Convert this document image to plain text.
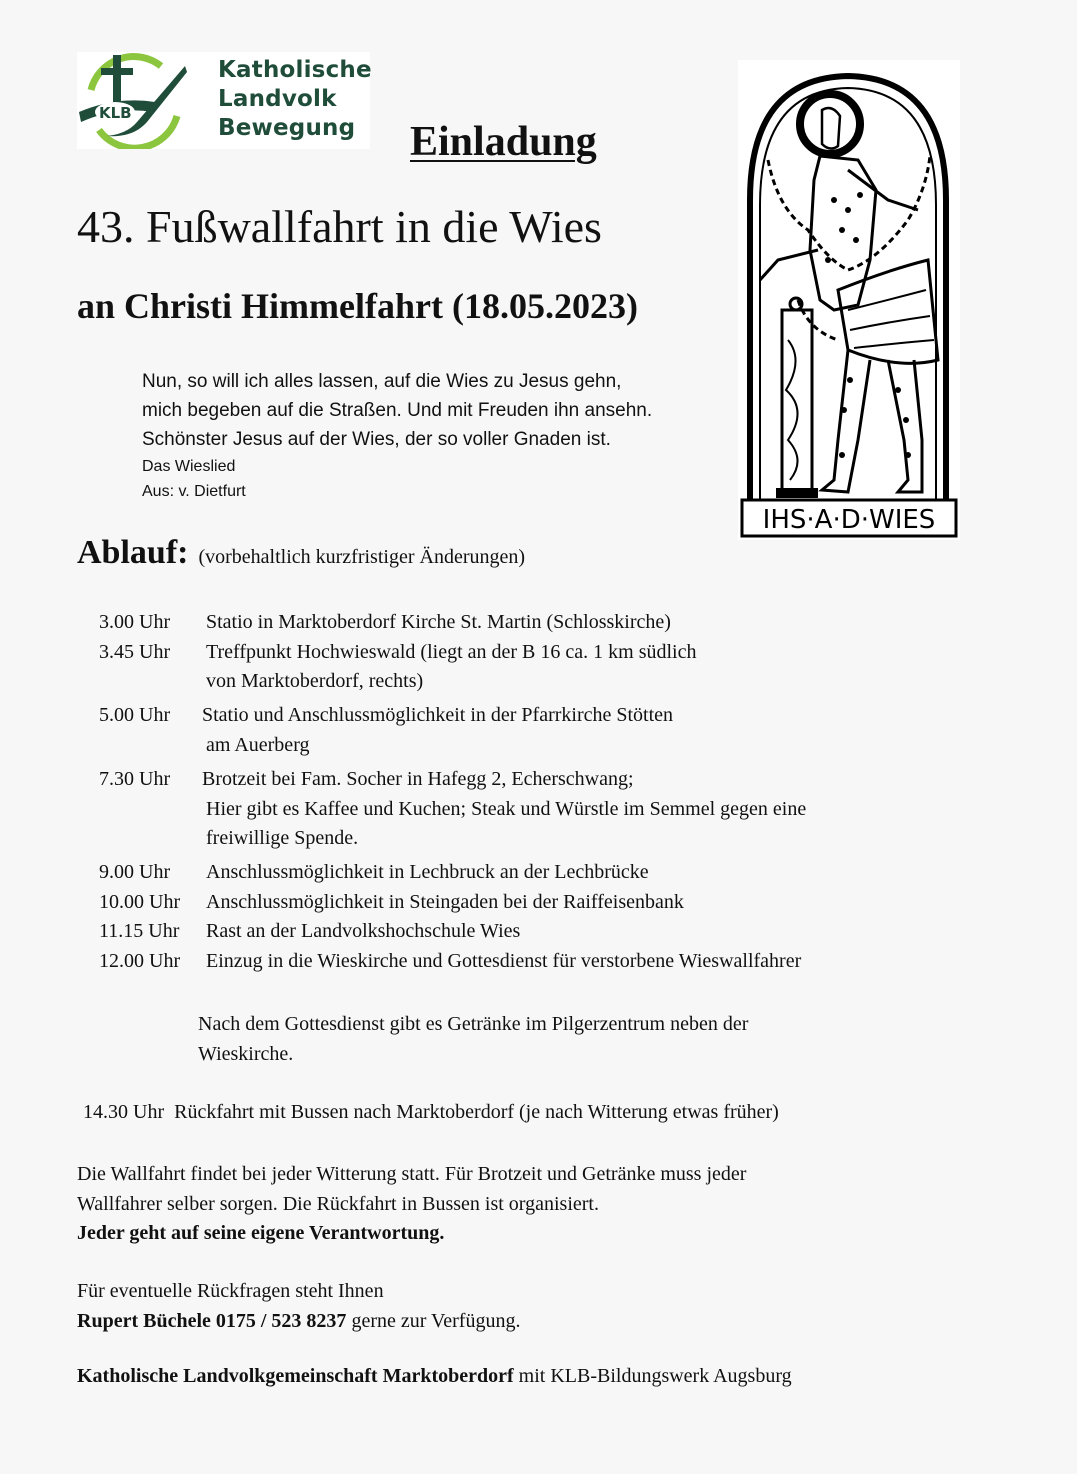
KLB
Katholische
Landvolk
Bewegung	Einladung
43. Fußwallfahrt in die Wies
an Christi Himmelfahrt (18.05.2023)
Nun, so will ich alles lassen, auf die Wies zu Jesus gehn,
mich begeben auf die Straßen. Und mit Freuden ihn ansehn.
Schönster Jesus auf der Wies, der so voller Gnaden ist.
Das Wieslied
Aus: v. Dietfurt
IHS·A·D·WIES
Ablauf: (vorbehaltlich kurzfristiger Änderungen)
3.00 Uhr Statio in Marktoberdorf Kirche St. Martin (Schlosskirche)
3.45 Uhr Treffpunkt Hochwieswald (liegt an der B 16 ca. 1 km südlich
von Marktoberdorf, rechts)
5.00 Uhr Statio und Anschlussmöglichkeit in der Pfarrkirche Stötten
am Auerberg
7.30 Uhr Brotzeit bei Fam. Socher in Hafegg 2, Echerschwang;
Hier gibt es Kaffee und Kuchen; Steak und Würstle im Semmel gegen eine
freiwillige Spende.
9.00 Uhr Anschlussmöglichkeit in Lechbruck an der Lechbrücke
10.00 Uhr Anschlussmöglichkeit in Steingaden bei der Raiffeisenbank
11.15 Uhr Rast an der Landvolkshochschule Wies
12.00 Uhr Einzug in die Wieskirche und Gottesdienst für verstorbene Wieswallfahrer
Nach dem Gottesdienst gibt es Getränke im Pilgerzentrum neben der
Wieskirche.
14.30 Uhr Rückfahrt mit Bussen nach Marktoberdorf (je nach Witterung etwas früher)
Die Wallfahrt findet bei jeder Witterung statt. Für Brotzeit und Getränke muss jeder
Wallfahrer selber sorgen. Die Rückfahrt in Bussen ist organisiert.
Jeder geht auf seine eigene Verantwortung.
Für eventuelle Rückfragen steht Ihnen
Rupert Büchele 0175 / 523 8237 gerne zur Verfügung.
Katholische Landvolkgemeinschaft Marktoberdorf mit KLB-Bildungswerk Augsburg
